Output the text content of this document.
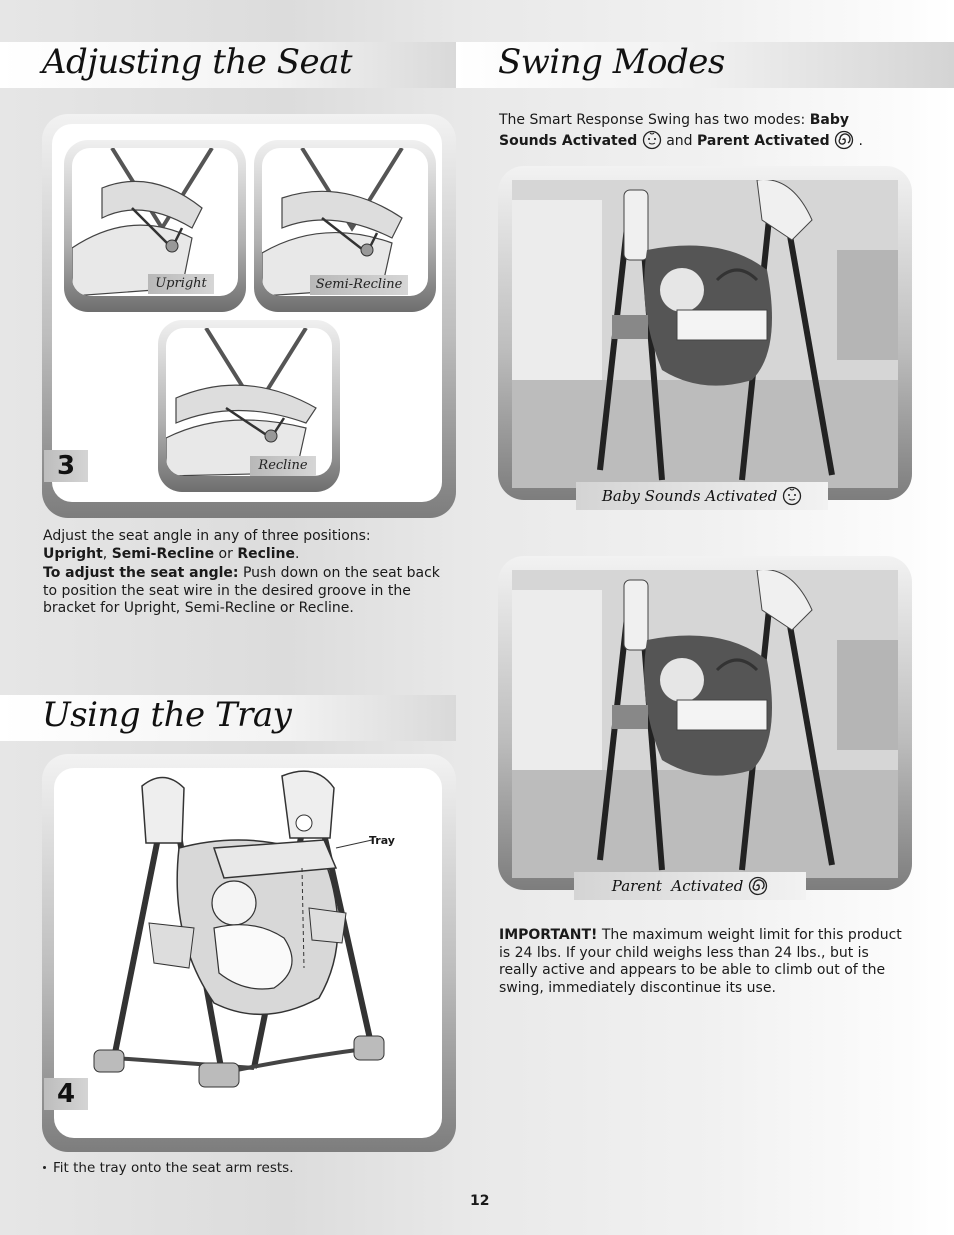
Adjusting the Seat
Upright	Semi-Recline
Recline
3
Adjust the seat angle in any of three positions:
Upright, Semi-Recline or Recline.
To adjust the seat angle: Push down on the seat back to position the seat wire in the desired groove in the bracket for Upright, Semi-Recline or Recline.
Using the Tray
Tray
4
Fit the tray onto the seat arm rests.
Swing Modes
The Smart Response Swing has two modes: Baby Sounds Activated  and Parent Activated  .
Baby Sounds Activated
Parent  Activated
IMPORTANT! The maximum weight limit for this product is 24 lbs. If your child weighs less than 24 lbs., but is really active and appears to be able to climb out of the swing, immediately discontinue its use.
12
